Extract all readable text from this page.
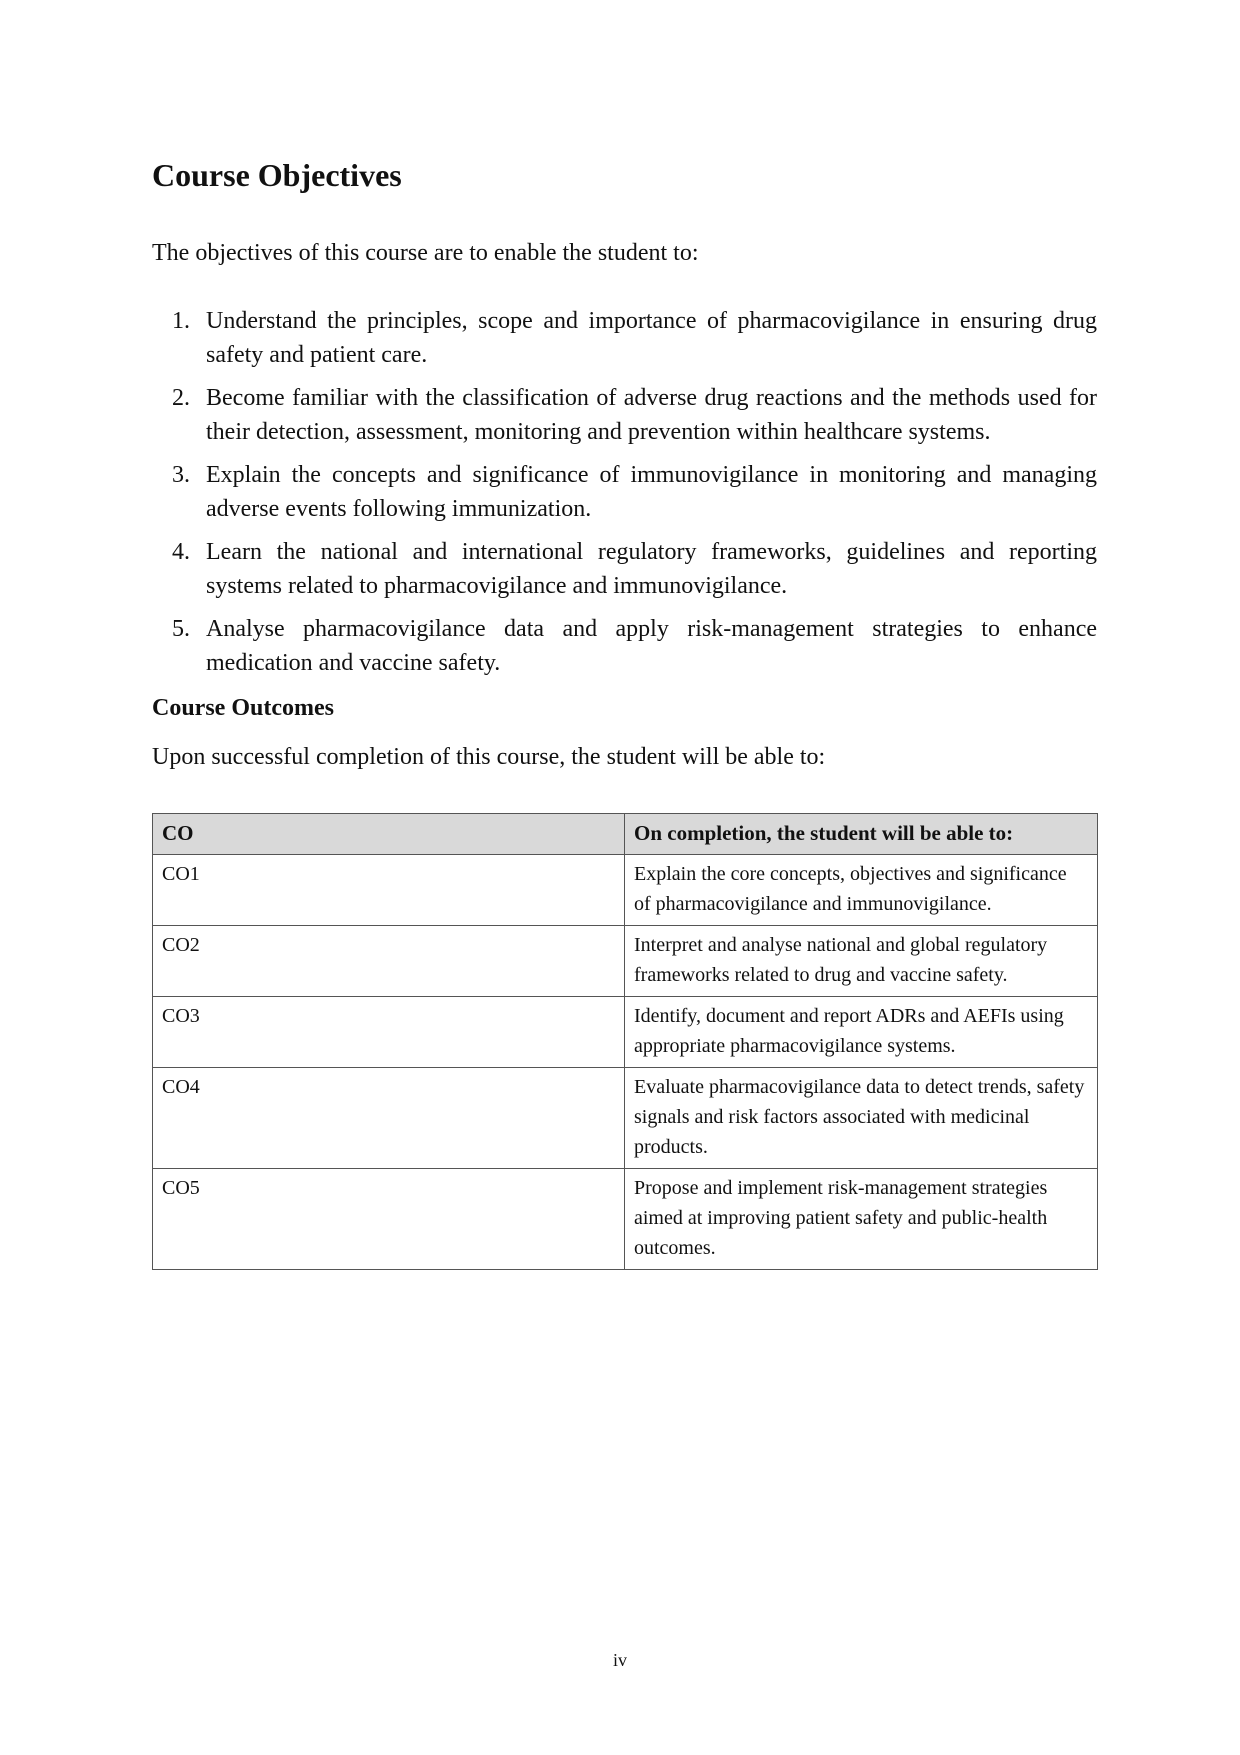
Course Objectives

The objectives of this course are to enable the student to:

1. Understand the principles, scope and importance of pharmacovigilance in ensuring drug safety and patient care.
2. Become familiar with the classification of adverse drug reactions and the methods used for their detection, assessment, monitoring and prevention within healthcare systems.
3. Explain the concepts and significance of immunovigilance in monitoring and managing adverse events following immunization.
4. Learn the national and international regulatory frameworks, guidelines and reporting systems related to pharmacovigilance and immunovigilance.
5. Analyse pharmacovigilance data and apply risk-management strategies to enhance medication and vaccine safety.
Course Outcomes

Upon successful completion of this course, the student will be able to:

CO	On completion, the student will be able to:
CO1	Explain the core concepts, objectives and significance of pharmacovigilance and immunovigilance.
CO2	Interpret and analyse national and global regulatory frameworks related to drug and vaccine safety.
CO3	Identify, document and report ADRs and AEFIs using appropriate pharmacovigilance systems.
CO4	Evaluate pharmacovigilance data to detect trends, safety signals and risk factors associated with medicinal products.
CO5	Propose and implement risk-management strategies aimed at improving patient safety and public-health outcomes.
iv
